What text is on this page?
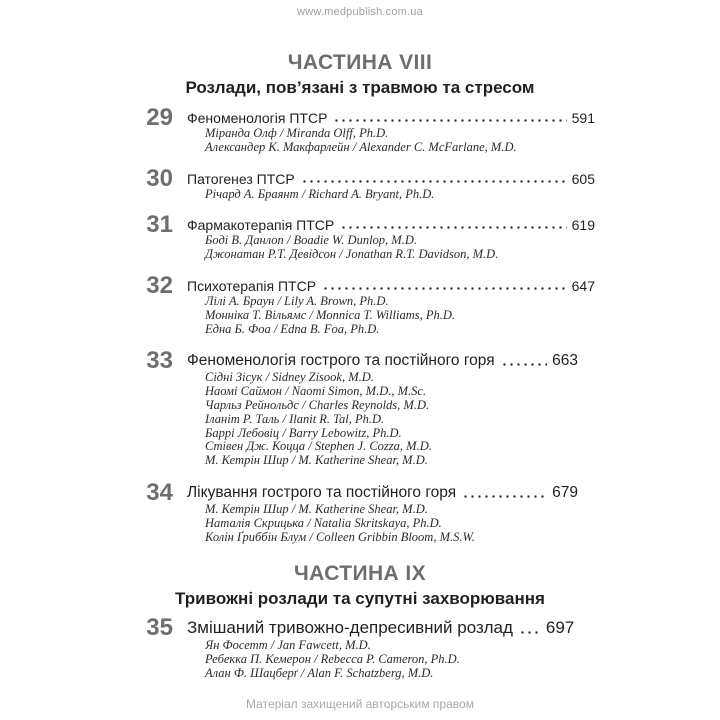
www.medpublish.com.ua
ЧАСТИНА VIII
Розлади, пов’язані з травмою та стресом
29 Феноменологія ПТСР	591
Міранда Олф / Miranda Olff, Ph.D.
Александер К. Макфарлейн / Alexander C. McFarlane, M.D.
30 Патогенез ПТСР	605
Річард А. Браянт / Richard A. Bryant, Ph.D.
31 Фармакотерапія ПТСР	619
Боді В. Данлоп / Boadie W. Dunlop, M.D.
Джонатан Р.Т. Девідсон / Jonathan R.T. Davidson, M.D.
32 Психотерапія ПТСР	647
Лілі А. Браун / Lily A. Brown, Ph.D.
Монніка Т. Вільямс / Monnica T. Williams, Ph.D.
Една Б. Фоа / Edna B. Foa, Ph.D.
33 Феноменологія гострого та постійного горя	663
Сідні Зісук / Sidney Zisook, M.D.
Наомі Саймон / Naomi Simon, M.D., M.Sc.
Чарльз Рейнольдс / Charles Reynolds, M.D.
Іланіт Р. Таль / Ilanit R. Tal, Ph.D.
Баррі Лебовіц / Barry Lebowitz, Ph.D.
Стівен Дж. Коцца / Stephen J. Cozza, M.D.
М. Кетрін Шир / M. Katherine Shear, M.D.
34 Лікування гострого та постійного горя	679
М. Кетрін Шир / M. Katherine Shear, M.D.
Наталія Скрицька / Natalia Skritskaya, Ph.D.
Колін Ґриббін Блум / Colleen Gribbin Bloom, M.S.W.
ЧАСТИНА IX
Тривожні розлади та супутні захворювання
35 Змішаний тривожно-депресивний розлад 697
Ян Фосетт / Jan Fawcett, M.D.
Ребекка П. Кемерон / Rebecca P. Cameron, Ph.D.
Алан Ф. Шацберґ / Alan F. Schatzberg, M.D.
Матеріал захищений авторським правом
